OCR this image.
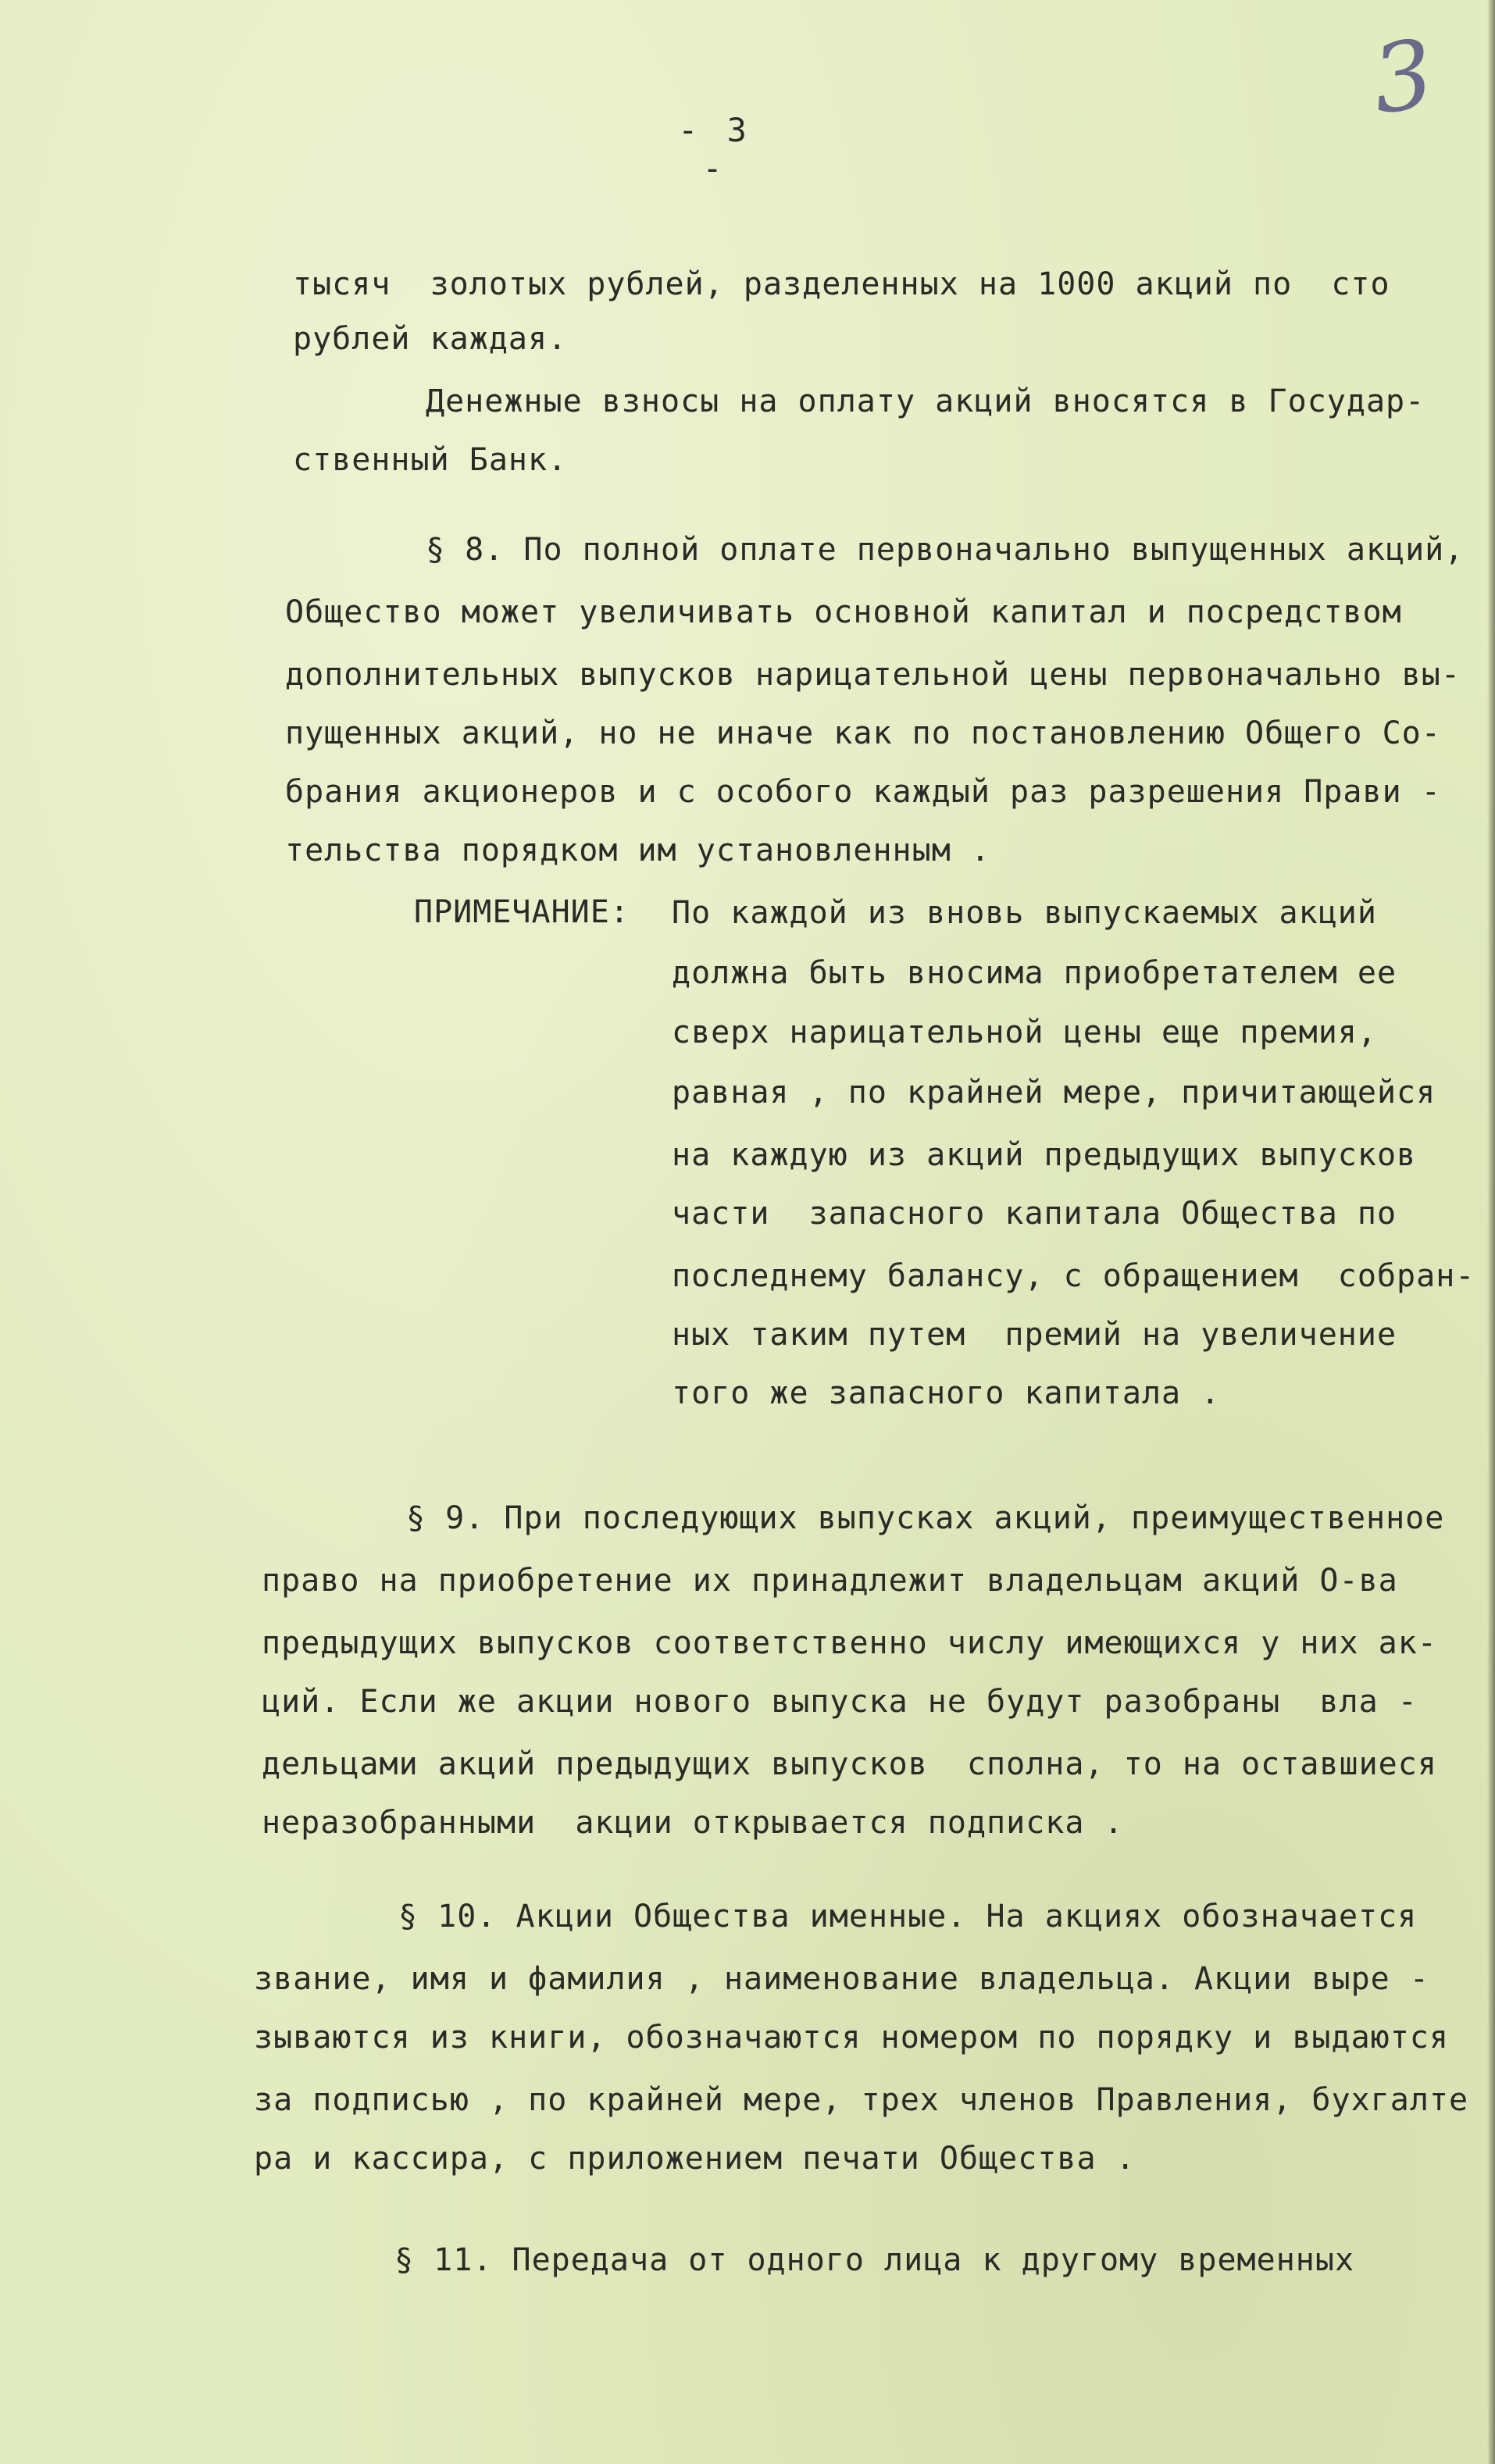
3
- 3 -
тысяч  золотых рублей, разделенных на 1000 акций по  сто
рублей каждая.
Денежные взносы на оплату акций вносятся в Государ-
ственный Банк.
§ 8. По полной оплате первоначально выпущенных акций,
Общество может увеличивать основной капитал и посредством
дополнительных выпусков нарицательной цены первоначально вы-
пущенных акций, но не иначе как по постановлению Общего Со-
брания акционеров и с особого каждый раз разрешения Прави -
тельства порядком им установленным .
ПРИМЕЧАНИЕ: По каждой из вновь выпускаемых акций
должна быть вносима приобретателем ее
сверх нарицательной цены еще премия,
равная , по крайней мере, причитающейся
на каждую из акций предыдущих выпусков
части  запасного капитала Общества по
последнему балансу, с обращением  собран-
ных таким путем  премий на увеличение
того же запасного капитала .
§ 9. При последующих выпусках акций, преимущественное
право на приобретение их принадлежит владельцам акций О-ва
предыдущих выпусков соответственно числу имеющихся у них ак-
ций. Если же акции нового выпуска не будут разобраны  вла -
дельцами акций предыдущих выпусков  сполна, то на оставшиеся
неразобранными  акции открывается подписка .
§ 10. Акции Общества именные. На акциях обозначается
звание, имя и фамилия , наименование владельца. Акции выре -
зываются из книги, обозначаются номером по порядку и выдаются
за подписью , по крайней мере, трех членов Правления, бухгалте
ра и кассира, с приложением печати Общества .
§ 11. Передача от одного лица к другому временных
